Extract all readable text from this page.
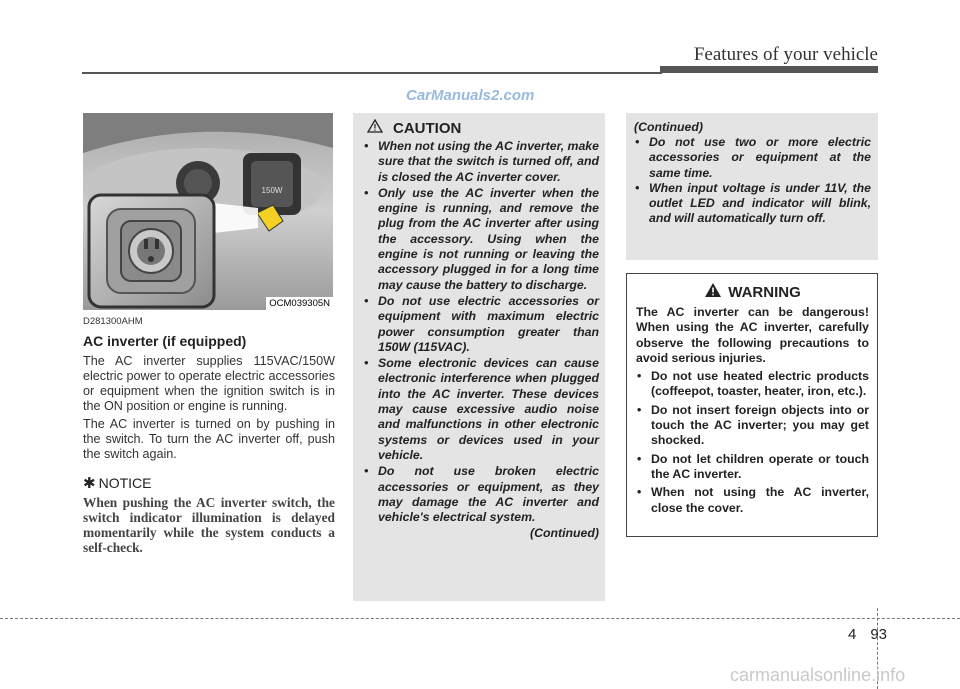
Features of your vehicle
150W
OCM039305N
D281300AHM
AC inverter (if equipped)

The AC inverter supplies 115VAC/150W electric power to operate electric accessories or equipment when the ignition switch is in the ON position or engine is running.

The AC inverter is turned on by pushing in the switch. To turn the AC inverter off, push the switch again.

✱ NOTICE

When pushing the AC inverter switch, the switch indicator illumination is delayed momentarily while the system conducts a self-check.

CAUTION
• When not using the AC inverter, make sure that the switch is turned off, and is closed the AC inverter cover.
• Only use the AC inverter when the engine is running, and remove the plug from the AC inverter after using the accessory. Using when the engine is not running or leaving the accessory plugged in for a long time may cause the battery to discharge.
• Do not use electric accessories or equipment with maximum electric power consumption greater than 150W (115VAC).
• Some electronic devices can cause electronic interference when plugged into the AC inverter. These devices may cause excessive audio noise and malfunctions in other electronic systems or devices used in your vehicle.
• Do not use broken electric accessories or equipment, as they may damage the AC inverter and vehicle's electrical system.
(Continued)
(Continued)
• Do not use two or more electric accessories or equipment at the same time.
• When input voltage is under 11V, the outlet LED and indicator will blink, and will automatically turn off.
WARNING

The AC inverter can be dangerous! When using the AC inverter, carefully observe the following precautions to avoid serious injuries.

• Do not use heated electric products (coffeepot, toaster, heater, iron, etc.).
• Do not insert foreign objects into or touch the AC inverter; you may get shocked.
• Do not let children operate or touch the AC inverter.
• When not using the AC inverter, close the cover.
4 93
CarManuals2.com
carmanualsonline.info
